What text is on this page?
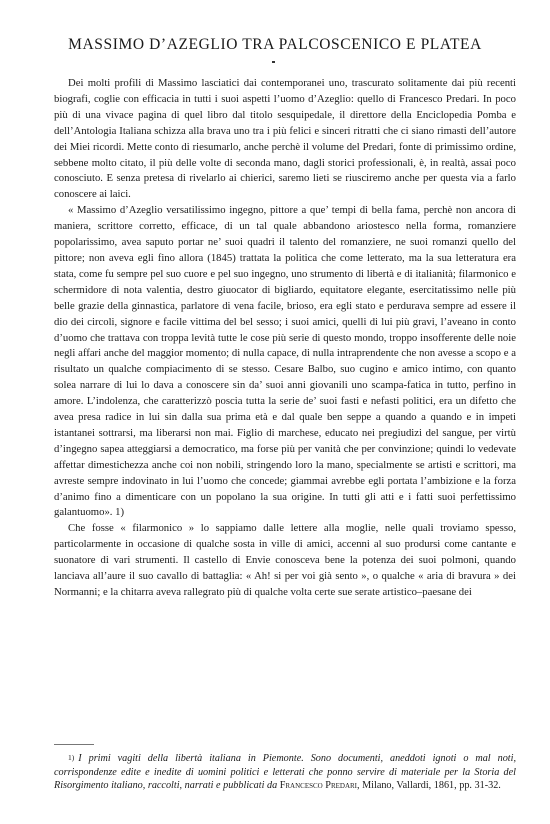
MASSIMO D’AZEGLIO TRA PALCOSCENICO E PLATEA

Dei molti profili di Massimo lasciatici dai contemporanei uno, trascurato solitamente dai più recenti biografi, coglie con efficacia in tutti i suoi aspetti l’uomo d’Azeglio: quello di Francesco Predari. In poco più di una vivace pagina di quel libro dal titolo sesquipedale, il direttore della Enciclopedia Pomba e dell’Antologia Italiana schizza alla brava uno tra i più felici e sinceri ritratti che ci siano rimasti dell’autore dei Miei ricordi. Mette conto di riesumarlo, anche perchè il volume del Predari, fonte di primissimo ordine, sebbene molto citato, il più delle volte di seconda mano, dagli storici professionali, è, in realtà, assai poco conosciuto. E senza pretesa di rivelarlo ai chierici, saremo lieti se riusciremo anche per questa via a farlo conoscere ai laici.

« Massimo d’Azeglio versatilissimo ingegno, pittore a que’ tempi di bella fama, perchè non ancora di maniera, scrittore corretto, efficace, di un tal quale abbandono ariostesco nella forma, romanziere popolarissimo, avea saputo portar ne’ suoi quadri il talento del romanziere, ne suoi romanzi quello del pittore; non aveva egli fino allora (1845) trattata la politica che come letterato, ma la sua letteratura era stata, come fu sempre pel suo cuore e pel suo ingegno, uno strumento di libertà e di italianità; filarmonico e schermidore di nota valentia, destro giuocator di bigliardo, equitatore elegante, esercitatissimo nelle più belle grazie della ginnastica, parlatore di vena facile, brioso, era egli stato e perdurava sempre ad essere il dio dei circoli, signore e facile vittima del bel sesso; i suoi amici, quelli di lui più gravi, l’aveano in conto d’uomo che trattava con troppa levità tutte le cose più serie di questo mondo, troppo insofferente delle noie negli affari anche del maggior momento; di nulla capace, di nulla intraprendente che non avesse a scopo e a risultato un qualche compiacimento di se stesso. Cesare Balbo, suo cugino e amico intimo, con quanto solea narrare di lui lo dava a conoscere sin da’ suoi anni giovanili uno scampa-fatica in tutto, perfino in amore. L’indolenza, che caratterizzò poscia tutta la serie de’ suoi fasti e nefasti politici, era un difetto che avea presa radice in lui sin dalla sua prima età e dal quale ben seppe a quando a quando e in impeti istantanei sottrarsi, ma liberarsi non mai. Figlio di marchese, educato nei pregiudizi del sangue, per virtù d’ingegno sapea atteggiarsi a democratico, ma forse più per vanità che per convinzione; quindi lo vedevate affettar dimestichezza anche coi non nobili, stringendo loro la mano, specialmente se artisti e scrittori, ma avreste sempre indovinato in lui l’uomo che concede; giammai avrebbe egli portata l’ambizione e la forza d’animo fino a dimenticare con un popolano la sua origine. In tutti gli atti e i fatti suoi perfettissimo galantuomo». 1)

Che fosse « filarmonico » lo sappiamo dalle lettere alla moglie, nelle quali troviamo spesso, particolarmente in occasione di qualche sosta in ville di amici, accenni al suo prodursi come cantante e suonatore di vari strumenti. Il castello di Envie conosceva bene la potenza dei suoi polmoni, quando lanciava all’aure il suo cavallo di battaglia: « Ah! si per voi già sento », o qualche « aria di bravura » dei Normanni; e la chitarra aveva rallegrato più di qualche volta certe sue serate artistico–paesane dei

$^{1)}$ I primi vagiti della libertà italiana in Piemonte. Sono documenti, aneddoti ignoti o mal noti, corrispondenze edite e inedite di uomini politici e letterati che ponno servire di materiale per la Storia del Risorgimento italiano, raccolti, narrati e pubblicati da Francesco Predari, Milano, Vallardi, 1861, pp. 31-32.
